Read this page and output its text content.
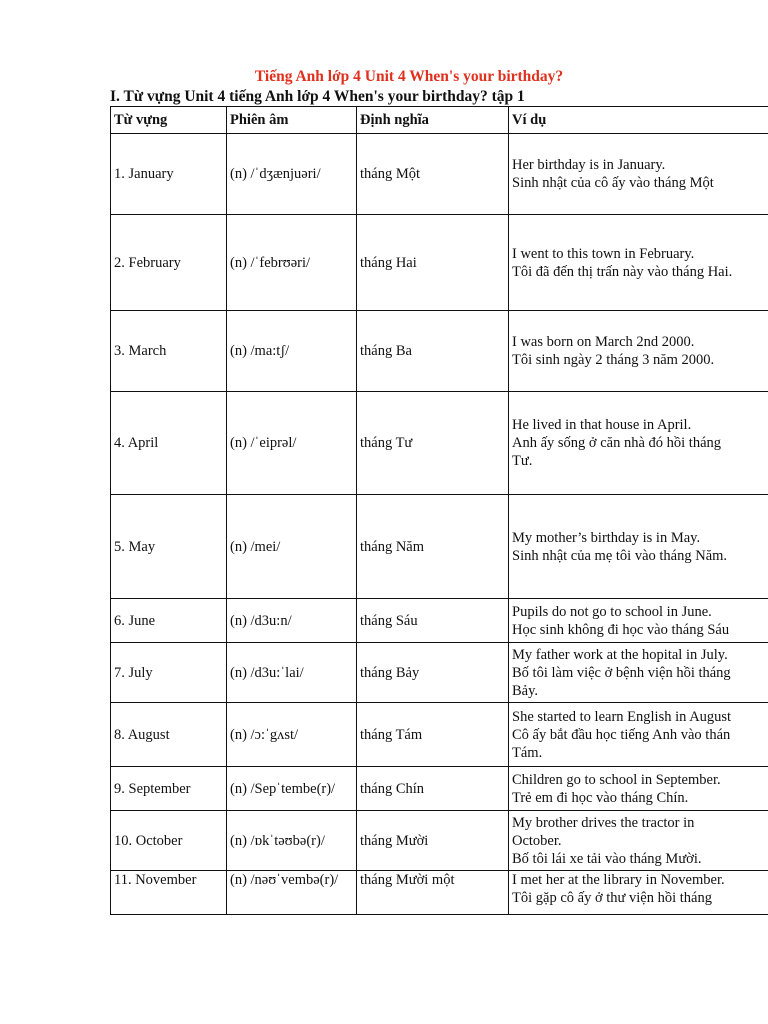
Tiếng Anh lớp 4 Unit 4 When's your birthday?
I. Từ vựng Unit 4 tiếng Anh lớp 4 When's your birthday? tập 1
Từ vựng	Phiên âm	Định nghĩa	Ví dụ
1. January	(n) /ˈdʒænjuəri/	tháng Một	Her birthday is in January.
Sinh nhật của cô ấy vào tháng Một

2. February	(n) /ˈfebrʊəri/	tháng Hai	I went to this town in February.
Tôi đã đến thị trấn này vào tháng Hai.

3. March	(n) /ma:tʃ/	tháng Ba	I was born on March 2nd 2000.
Tôi sinh ngày 2 tháng 3 năm 2000.

4. April	(n) /ˈeiprəl/	tháng Tư	He lived in that house in April.
Anh ấy sống ở căn nhà đó hồi tháng
Tư.

5. May	(n) /mei/	tháng Năm	My mother’s birthday is in May.
Sinh nhật của mẹ tôi vào tháng Năm.

6. June	(n) /d3u:n/	tháng Sáu	Pupils do not go to school in June.
Học sinh không đi học vào tháng Sáu

7. July	(n) /d3u:ˈlai/	tháng Bảy	My father work at the hopital in July.
Bố tôi làm việc ở bệnh viện hồi tháng
Bảy.

8. August	(n) /ɔ:ˈgʌst/	tháng Tám	She started to learn English in August
Cô ấy bắt đầu học tiếng Anh vào thán
Tám.

9. September	(n) /Sepˈtembe(r)/	tháng Chín	Children go to school in September.
Trẻ em đi học vào tháng Chín.

10. October	(n) /ɒkˈtəʊbə(r)/	tháng Mười	My brother drives the tractor in
October.
Bố tôi lái xe tải vào tháng Mười.

11. November	(n) /nəʊˈvembə(r)/	tháng Mười một	I met her at the library in November.
Tôi gặp cô ấy ở thư viện hồi tháng
